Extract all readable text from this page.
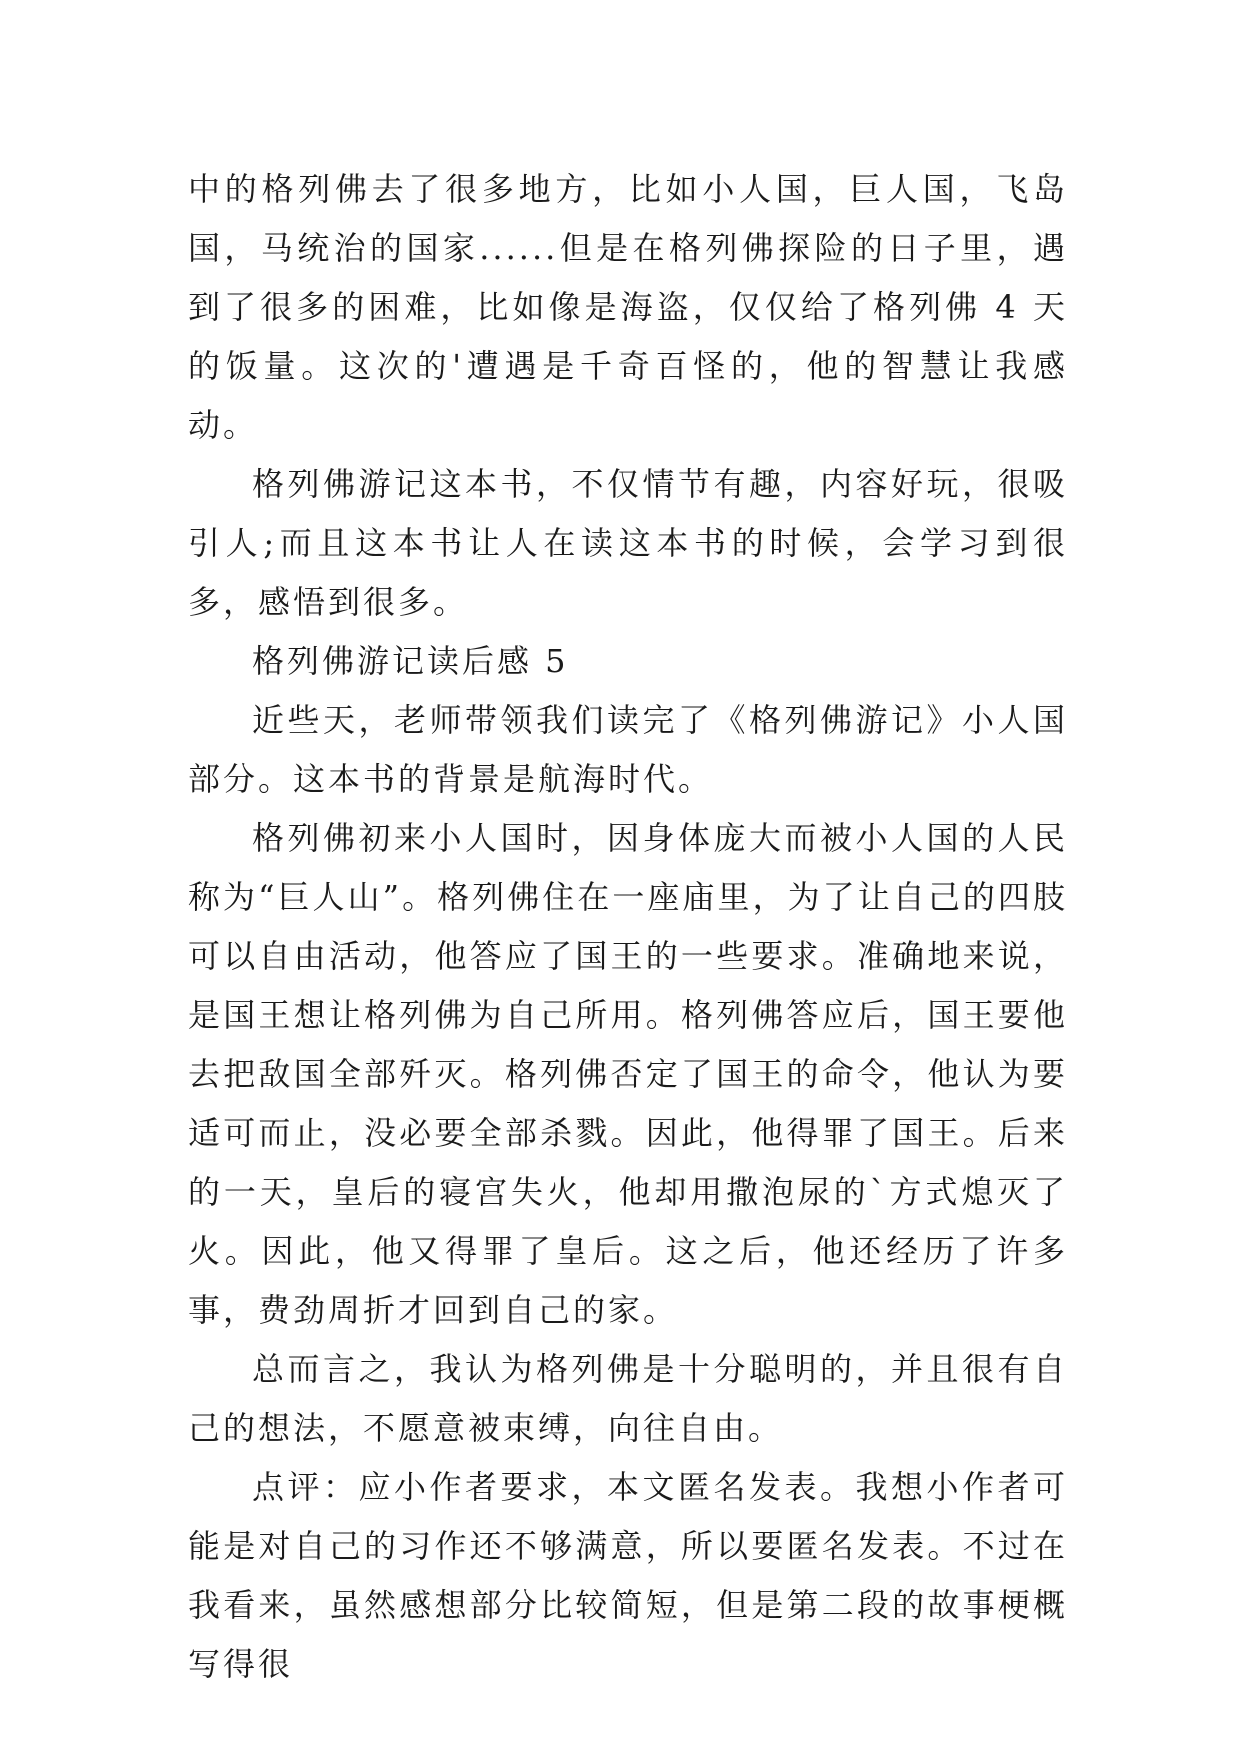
中的格列佛去了很多地方，比如小人国，巨人国，飞岛国，马统治的国家......但是在格列佛探险的日子里，遇到了很多的困难，比如像是海盗，仅仅给了格列佛 4 天的饭量。这次的'遭遇是千奇百怪的，他的智慧让我感动。

格列佛游记这本书，不仅情节有趣，内容好玩，很吸引人;而且这本书让人在读这本书的时候，会学习到很多，感悟到很多。

格列佛游记读后感 5

近些天，老师带领我们读完了《格列佛游记》小人国部分。这本书的背景是航海时代。

格列佛初来小人国时，因身体庞大而被小人国的人民称为“巨人山”。格列佛住在一座庙里，为了让自己的四肢可以自由活动，他答应了国王的一些要求。准确地来说，是国王想让格列佛为自己所用。格列佛答应后，国王要他去把敌国全部歼灭。格列佛否定了国王的命令，他认为要适可而止，没必要全部杀戮。因此，他得罪了国王。后来的一天，皇后的寝宫失火，他却用撒泡尿的`方式熄灭了火。因此，他又得罪了皇后。这之后，他还经历了许多事，费劲周折才回到自己的家。

总而言之，我认为格列佛是十分聪明的，并且很有自己的想法，不愿意被束缚，向往自由。

点评：应小作者要求，本文匿名发表。我想小作者可能是对自己的习作还不够满意，所以要匿名发表。不过在我看来，虽然感想部分比较简短，但是第二段的故事梗概写得很
